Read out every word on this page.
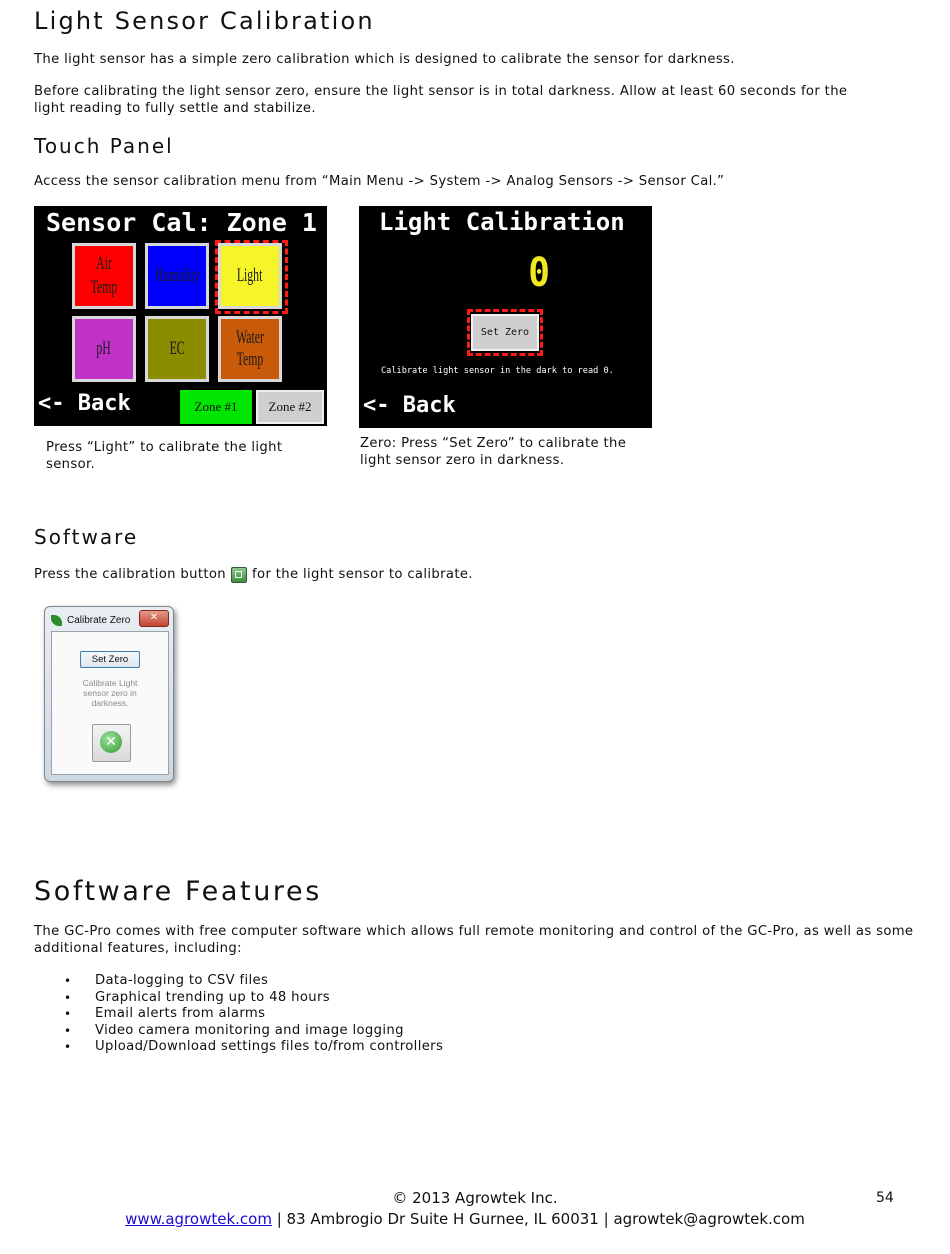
Light Sensor Calibration
The light sensor has a simple zero calibration which is designed to calibrate the sensor for darkness.
Before calibrating the light sensor zero, ensure the light sensor is in total darkness. Allow at least 60 seconds for the light reading to fully settle and stabilize.
Touch Panel
Access the sensor calibration menu from “Main Menu -> System -> Analog Sensors -> Sensor Cal.”
Sensor Cal: Zone 1
Air Temp
Humidity Light
pH	EC
Water Temp
<- Back	Zone #1	Zone #2
Light Calibration
0
Set Zero
Calibrate light sensor in the dark to read 0.
<- Back
Press “Light” to calibrate the light sensor.
Zero: Press “Set Zero” to calibrate the light sensor zero in darkness.
Software
Press the calibration button for the light sensor to calibrate.
Calibrate Zero	✕
Set Zero
Calibrate Light sensor zero in darkness.
✕
Software Features
The GC-Pro comes with free computer software which allows full remote monitoring and control of the GC-Pro, as well as some additional features, including:
• Data-logging to CSV files
• Graphical trending up to 48 hours
• Email alerts from alarms
• Video camera monitoring and image logging
• Upload/Download settings files to/from controllers
© 2013 Agrowtek Inc.	54
www.agrowtek.com | 83 Ambrogio Dr Suite H Gurnee, IL 60031 | agrowtek@agrowtek.com
